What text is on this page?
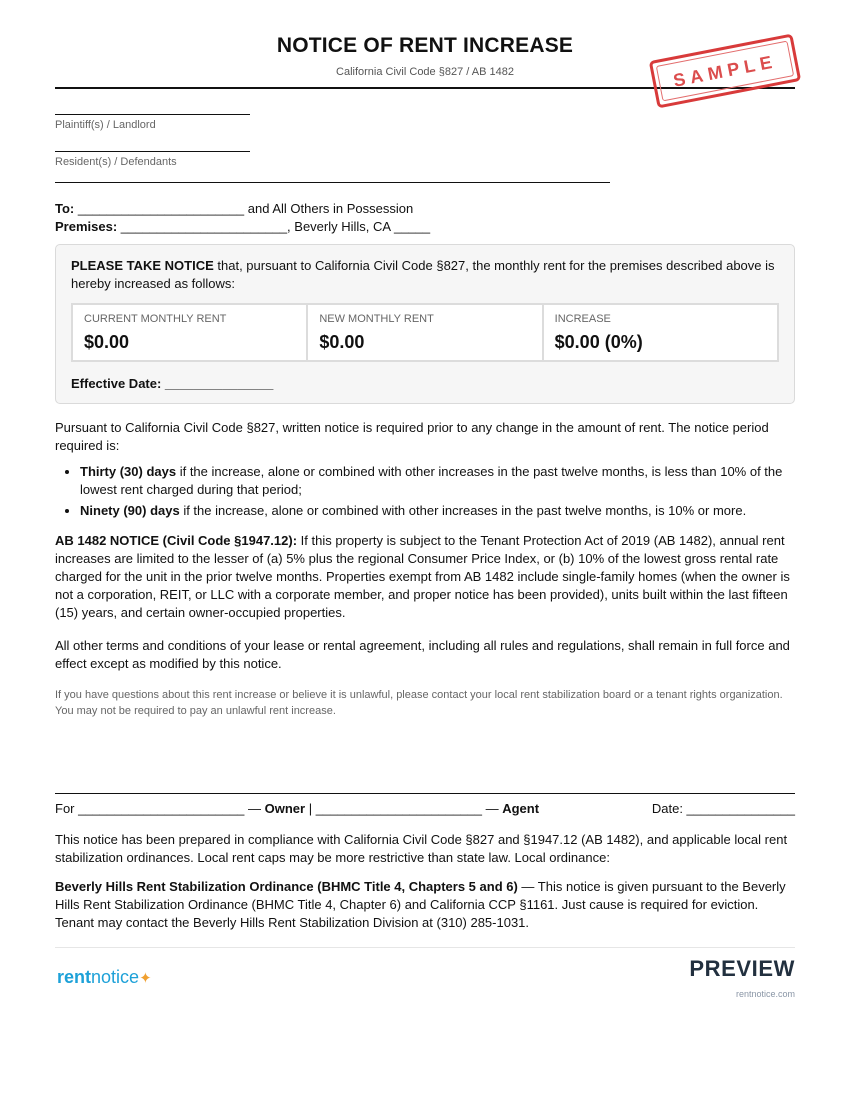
NOTICE OF RENT INCREASE
California Civil Code §827 / AB 1482
Plaintiff(s) / Landlord
Resident(s) / Defendants
To: _______________________ and All Others in Possession
Premises: _______________________, Beverly Hills, CA _____
PLEASE TAKE NOTICE that, pursuant to California Civil Code §827, the monthly rent for the premises described above is hereby increased as follows:
CURRENT MONTHLY RENT
$0.00
NEW MONTHLY RENT
$0.00
INCREASE
$0.00 (0%)
Effective Date: _______________
Pursuant to California Civil Code §827, written notice is required prior to any change in the amount of rent. The notice period required is:
• Thirty (30) days if the increase, alone or combined with other increases in the past twelve months, is less than 10% of the lowest rent charged during that period;
• Ninety (90) days if the increase, alone or combined with other increases in the past twelve months, is 10% or more.
AB 1482 NOTICE (Civil Code §1947.12): If this property is subject to the Tenant Protection Act of 2019 (AB 1482), annual rent increases are limited to the lesser of (a) 5% plus the regional Consumer Price Index, or (b) 10% of the lowest gross rental rate charged for the unit in the prior twelve months. Properties exempt from AB 1482 include single-family homes (when the owner is not a corporation, REIT, or LLC with a corporate member, and proper notice has been provided), units built within the last fifteen (15) years, and certain owner-occupied properties.
All other terms and conditions of your lease or rental agreement, including all rules and regulations, shall remain in full force and effect except as modified by this notice.
If you have questions about this rent increase or believe it is unlawful, please contact your local rent stabilization board or a tenant rights organization. You may not be required to pay an unlawful rent increase.
For _______________________ — Owner | _______________________ — Agent	Date: _______________
This notice has been prepared in compliance with California Civil Code §827 and §1947.12 (AB 1482), and applicable local rent stabilization ordinances. Local rent caps may be more restrictive than state law. Local ordinance:
Beverly Hills Rent Stabilization Ordinance (BHMC Title 4, Chapters 5 and 6) — This notice is given pursuant to the Beverly Hills Rent Stabilization Ordinance (BHMC Title 4, Chapter 6) and California CCP §1161. Just cause is required for eviction. Tenant may contact the Beverly Hills Rent Stabilization Division at (310) 285-1031.
rentnotice✦	PREVIEW
rentnotice.com
SAMPLE
